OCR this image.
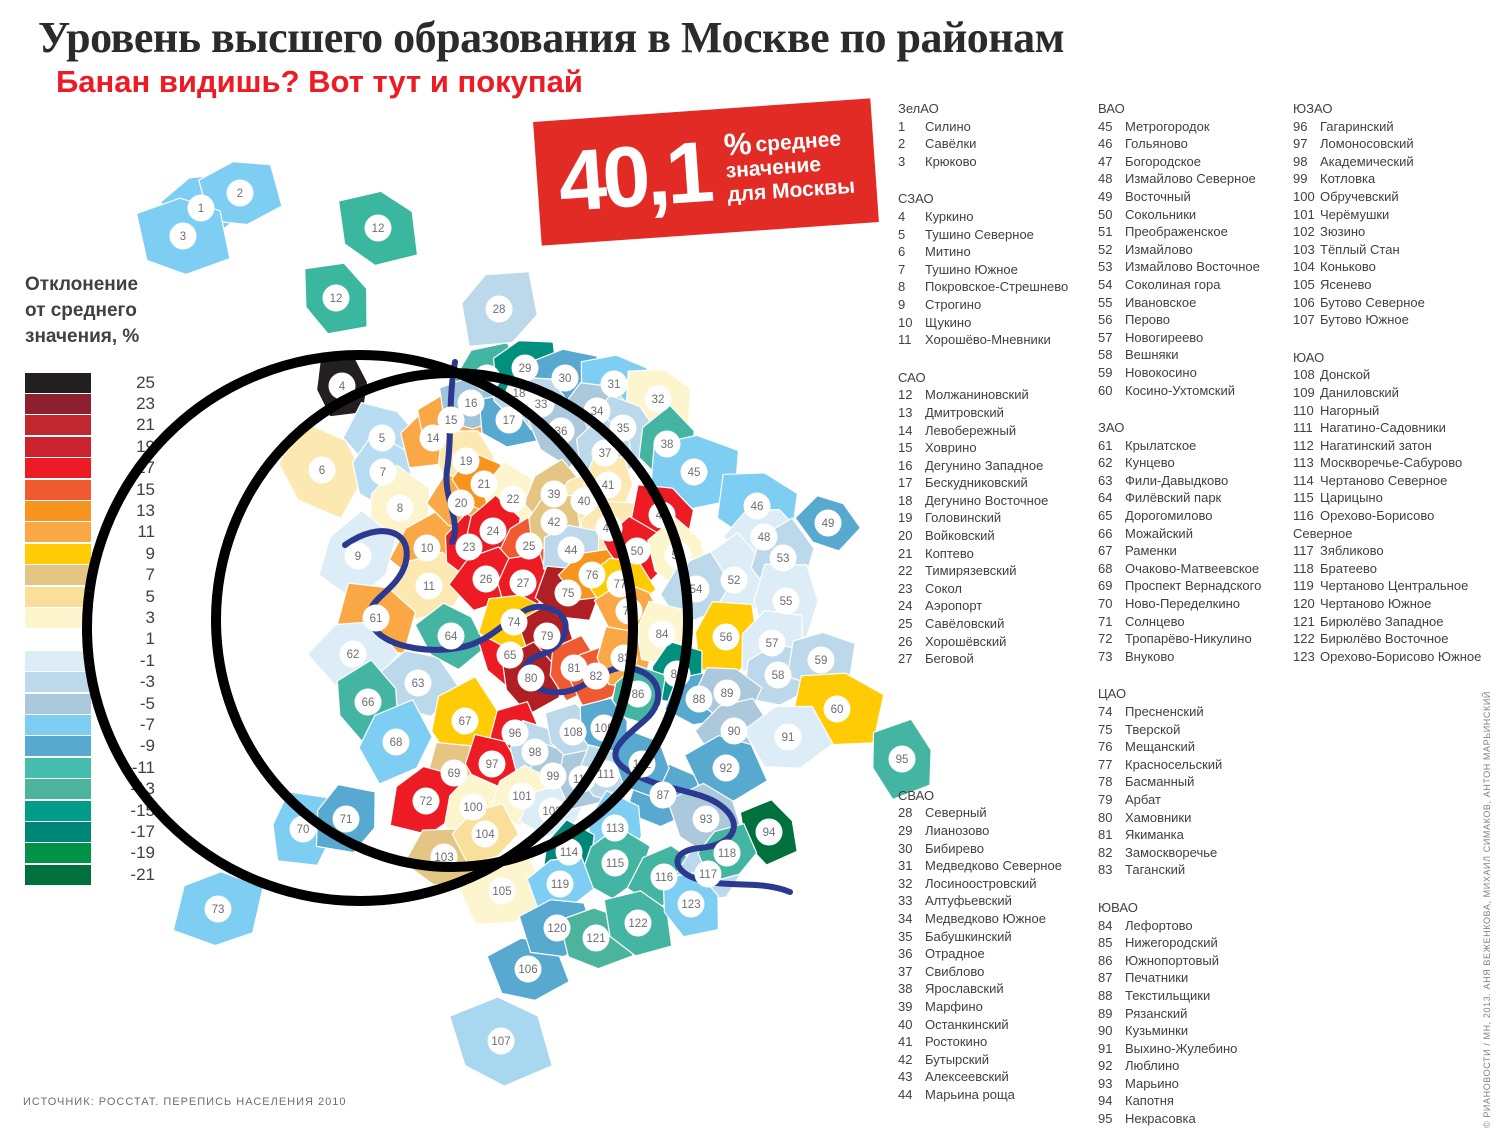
Уровень высшего образования в Москве по районам
Банан видишь? Вот тут и покупай
1
2
3
12
12
4
5
6	7
8
9
10
11
13
14
15
16
17
18
19
20
21
22
23
24
25
26 27
28
29
30	31
32
33
34
35
36
37
38
39
40
41
42	43
44
45
46
47
48
49
50 51
52
53
54
55
56	57
58
59
60
61
62
63
64
65
66
67
68
69
70
71
72
73
74
75
76
77
78
79
80
81
82
83
84
85
86
87
88 89
90	91
92
93
94
95
96
97
98
99
100
101
102
103
104
105
106
107
108 109
110 111
112
113
114
115
116 117
118
119
120
121
122
123
40,1 % среднее
значение
для Москвы
Отклонение
от среднего
значения, %
25
23
21
19
17
15
13
11
9
7
5
3
1
-1
-3
-5
-7
-9
-11
-13
-15
-17
-19
-21
ЗелАО
1	Силино
2	Савёлки
3	Крюково
СЗАО
4	Куркино
5	Тушино Северное
6	Митино
7	Тушино Южное
8	Покровское-Стрешнево
9	Строгино
10 Щукино
11	Хорошёво-Мневники
САО
12 Молжаниновский
13 Дмитровский
14 Левобережный
15 Ховрино
16 Дегунино Западное
17 Бескудниковский
18 Дегунино Восточное
19 Головинский
20 Войковский
21 Коптево
22 Тимирязевский
23 Сокол
24 Аэропорт
25 Савёловский
26 Хорошёвский
27 Беговой
СВАО
28 Северный
29 Лианозово
30 Бибирево
31 Медведково Северное
32 Лосиноостровский
33 Алтуфьевский
34 Медведково Южное
35 Бабушкинский
36 Отрадное
37 Свиблово
38 Ярославский
39 Марфино
40 Останкинский
41 Ростокино
42 Бутырский
43 Алексеевский
44 Марьина роща
ВАО
45 Метрогородок
46 Гольяново
47 Богородское
48 Измайлово Северное
49 Восточный
50 Сокольники
51 Преображенское
52 Измайлово
53 Измайлово Восточное
54 Соколиная гора
55 Ивановское
56 Перово
57 Новогиреево
58 Вешняки
59 Новокосино
60 Косино-Ухтомский
ЗАО
61 Крылатское
62 Кунцево
63 Фили-Давыдково
64 Филёвский парк
65 Дорогомилово
66 Можайский
67 Раменки
68 Очаково-Матвеевское
69 Проспект Вернадского
70 Ново-Переделкино
71 Солнцево
72 Тропарёво-Никулино
73 Внуково
ЦАО
74 Пресненский
75 Тверской
76 Мещанский
77 Красносельский
78 Басманный
79 Арбат
80 Хамовники
81 Якиманка
82 Замоскворечье
83 Таганский
ЮВАО
84 Лефортово
85 Нижегородский
86 Южнопортовый
87 Печатники
88 Текстильщики
89 Рязанский
90 Кузьминки
91 Выхино-Жулебино
92 Люблино
93 Марьино
94 Капотня
95 Некрасовка
ЮЗАО
96 Гагаринский
97 Ломоносовский
98 Академический
99 Котловка
100 Обручевский
101 Черёмушки
102 Зюзино
103 Тёплый Стан
104 Коньково
105 Ясенево
106 Бутово Северное
107 Бутово Южное
ЮАО
108 Донской
109 Даниловский
110 Нагорный
111 Нагатино-Садовники
112 Нагатинский затон
113 Москворечье-Сабурово
114 Чертаново Северное
115 Царицыно
116 Орехово-Борисово
Северное
117 Зябликово
118 Братеево
119 Чертаново Центральное
120 Чертаново Южное
121 Бирюлёво Западное
122 Бирюлёво Восточное
123 Орехово-Борисово Южное
ИСТОЧНИК: РОССТАТ. ПЕРЕПИСЬ НАСЕЛЕНИЯ 2010	© РИАНОВОСТИ / МН, 2013. АНЯ ВЕЖЕНКОВА, МИХАИЛ СИМАКОВ, АНТОН МАРЬИНСКИЙ
